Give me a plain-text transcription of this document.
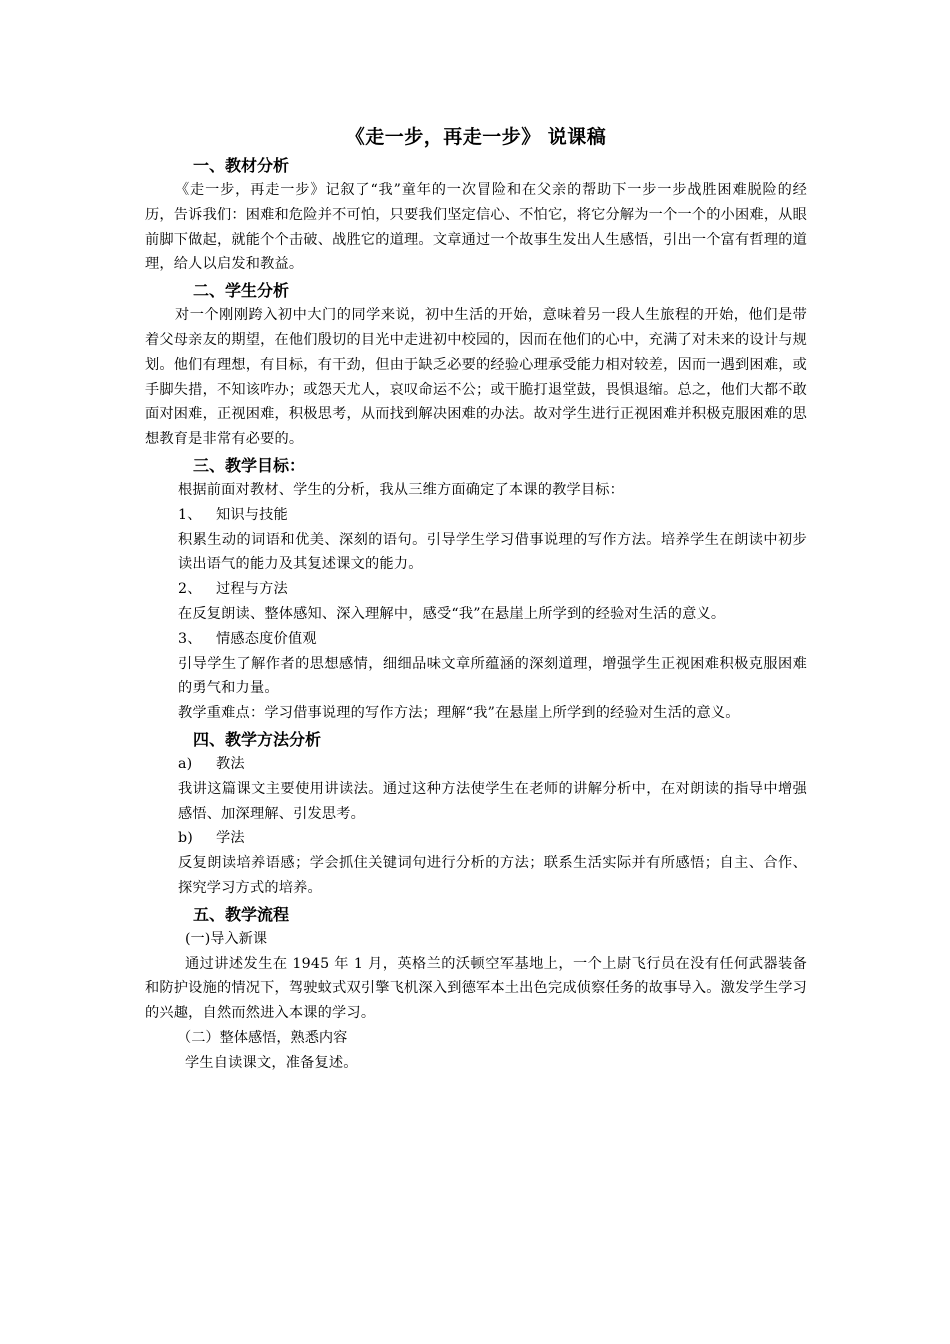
《走一步，再走一步》 说课稿
一、教材分析

《走一步，再走一步》记叙了“我”童年的一次冒险和在父亲的帮助下一步一步战胜困难脱险的经历，告诉我们：困难和危险并不可怕，只要我们坚定信心、不怕它，将它分解为一个一个的小困难，从眼前脚下做起，就能个个击破、战胜它的道理。文章通过一个故事生发出人生感悟，引出一个富有哲理的道理，给人以启发和教益。

二、学生分析

对一个刚刚跨入初中大门的同学来说，初中生活的开始，意味着另一段人生旅程的开始，他们是带着父母亲友的期望，在他们殷切的目光中走进初中校园的，因而在他们的心中，充满了对未来的设计与规划。他们有理想，有目标，有干劲，但由于缺乏必要的经验心理承受能力相对较差，因而一遇到困难，或手脚失措，不知该咋办；或怨天尤人，哀叹命运不公；或干脆打退堂鼓，畏惧退缩。总之，他们大都不敢面对困难，正视困难，积极思考，从而找到解决困难的办法。故对学生进行正视困难并积极克服困难的思想教育是非常有必要的。

三、教学目标：

根据前面对教材、学生的分析，我从三维方面确定了本课的教学目标：

1、 知识与技能

积累生动的词语和优美、深刻的语句。引导学生学习借事说理的写作方法。培养学生在朗读中初步读出语气的能力及其复述课文的能力。

2、 过程与方法

在反复朗读、整体感知、深入理解中，感受“我”在悬崖上所学到的经验对生活的意义。

3、 情感态度价值观

引导学生了解作者的思想感情，细细品味文章所蕴涵的深刻道理，增强学生正视困难积极克服困难的勇气和力量。

教学重难点：学习借事说理的写作方法；理解“我”在悬崖上所学到的经验对生活的意义。

四、教学方法分析

a) 教法

我讲这篇课文主要使用讲读法。通过这种方法使学生在老师的讲解分析中，在对朗读的指导中增强感悟、加深理解、引发思考。

b) 学法

反复朗读培养语感；学会抓住关键词句进行分析的方法；联系生活实际并有所感悟；自主、合作、探究学习方式的培养。

五、教学流程

(一)导入新课

通过讲述发生在 1945 年 1 月，英格兰的沃顿空军基地上，一个上尉飞行员在没有任何武器装备和防护设施的情况下，驾驶蚊式双引擎飞机深入到德军本土出色完成侦察任务的故事导入。激发学生学习的兴趣，自然而然进入本课的学习。

（二）整体感悟，熟悉内容

学生自读课文，准备复述。
